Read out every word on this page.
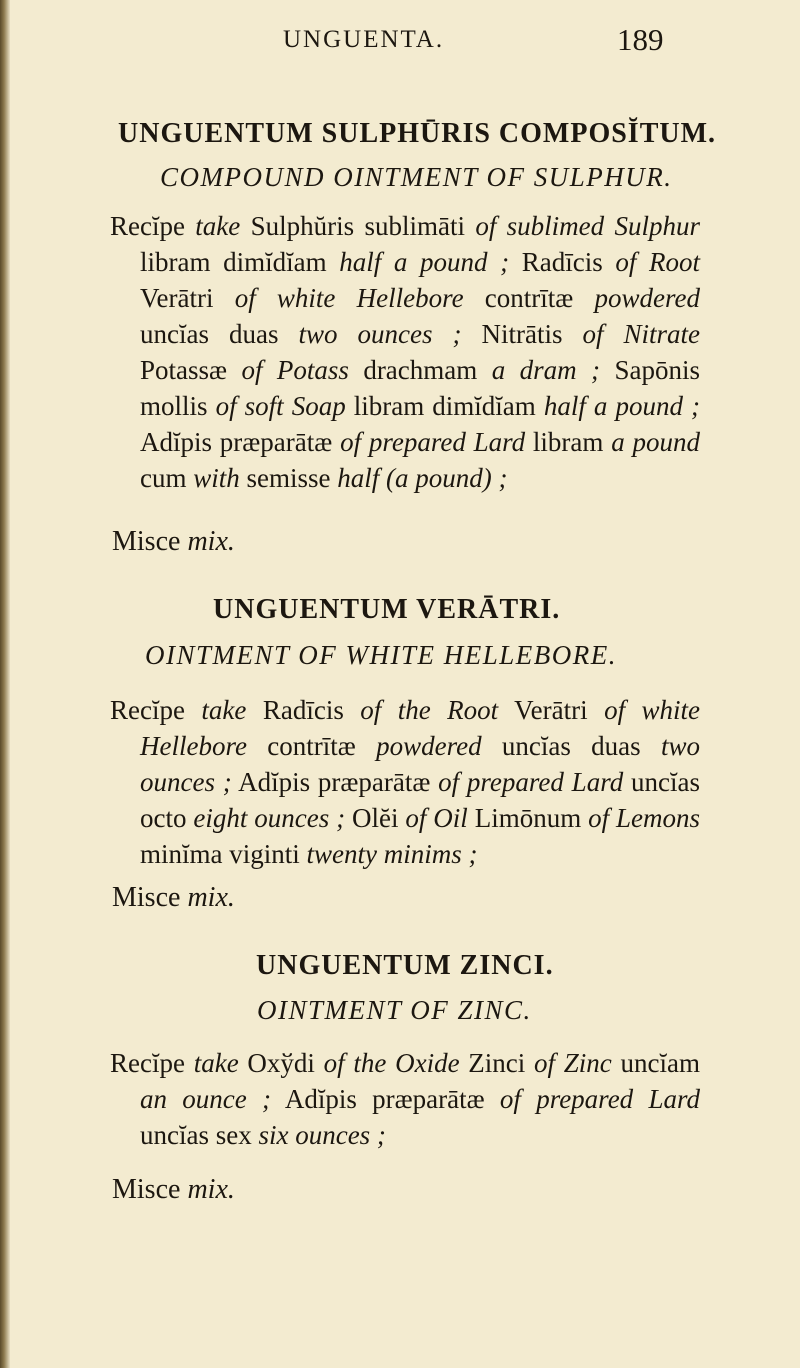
UNGUENTA.	189
UNGUENTUM SULPHŪRIS COMPOSĬTUM.
COMPOUND OINTMENT OF SULPHUR.
Recĭpe take Sulphŭris sublimāti of sublimed Sulphur libram dimĭdĭam half a pound ; Radīcis of Root Verātri of white Hellebore contrītæ powdered uncĭas duas two ounces ; Nitrātis of Nitrate Potassæ of Potass drachmam a dram ; Sapōnis mollis of soft Soap libram dimĭdĭam half a pound ; Adĭpis præparātæ of prepared Lard libram a pound cum with semisse half (a pound) ;
Misce mix.
UNGUENTUM VERĀTRI.
OINTMENT OF WHITE HELLEBORE.
Recĭpe take Radīcis of the Root Verātri of white Hellebore contrītæ powdered uncĭas duas two ounces ; Adĭpis præparātæ of prepared Lard uncĭas octo eight ounces ; Olĕi of Oil Limōnum of Lemons minĭma viginti twenty minims ;
Misce mix.
UNGUENTUM ZINCI.
OINTMENT OF ZINC.
Recĭpe take Oxўdi of the Oxide Zinci of Zinc uncĭam an ounce ; Adĭpis præparātæ of prepared Lard uncĭas sex six ounces ;
Misce mix.
